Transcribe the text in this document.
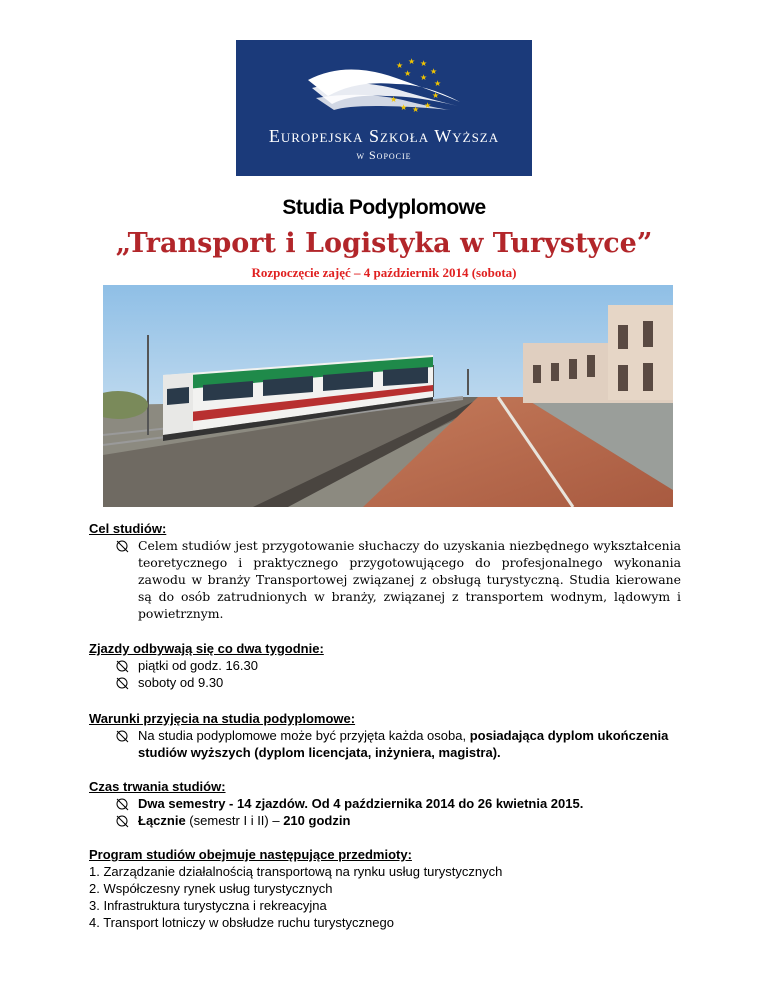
★ ★ ★
★
★
★
★
★
★
★
★ ★
Europejska Szkoła Wyższa
w Sopocie
Studia Podyplomowe
„Transport i Logistyka w Turystyce”
Rozpoczęcie zajęć – 4 październik 2014 (sobota)
Cel studiów:
Celem studiów jest przygotowanie słuchaczy do uzyskania niezbędnego wykształcenia teoretycznego i praktycznego przygotowującego do profesjonalnego wykonania zawodu w branży Transportowej związanej z obsługą turystyczną. Studia kierowane są do osób zatrudnionych w branży, związanej z transportem wodnym, lądowym i powietrznym.
Zjazdy odbywają się co dwa tygodnie:
piątki od godz. 16.30
soboty od 9.30
Warunki przyjęcia na studia podyplomowe:
Na studia podyplomowe może być przyjęta każda osoba, posiadająca dyplom ukończenia studiów wyższych (dyplom licencjata, inżyniera, magistra).
Czas trwania studiów:
Dwa semestry - 14 zjazdów. Od 4 października 2014 do 26 kwietnia 2015.
Łącznie (semestr I i II) – 210 godzin
Program studiów obejmuje następujące przedmioty:
1. Zarządzanie działalnością transportową na rynku usług turystycznych
2. Współczesny rynek usług turystycznych
3. Infrastruktura turystyczna i rekreacyjna
4. Transport lotniczy w obsłudze ruchu turystycznego
